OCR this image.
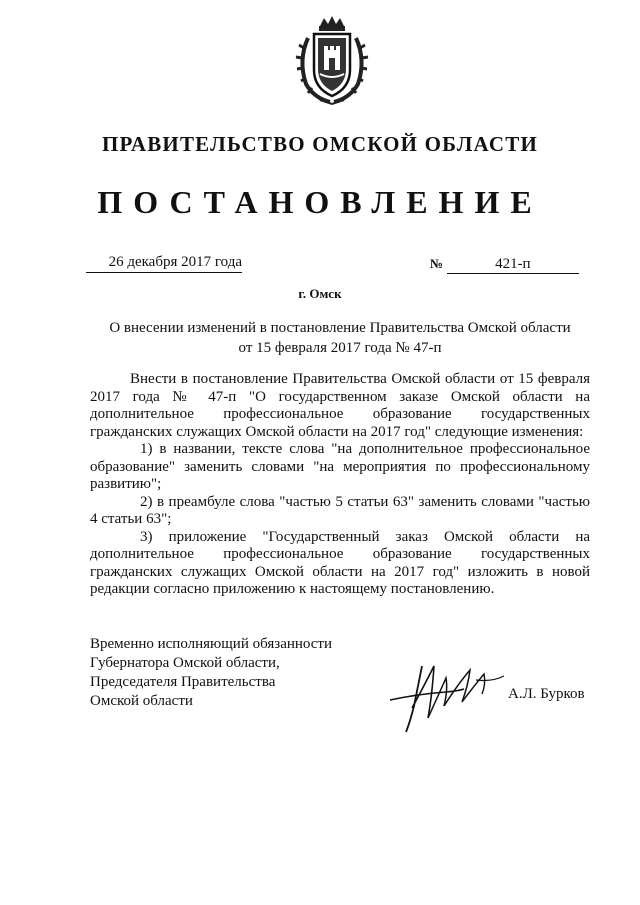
ПРАВИТЕЛЬСТВО ОМСКОЙ ОБЛАСТИ
ПОСТАНОВЛЕНИЕ
26 декабря 2017 года	№	421-п
г. Омск
О внесении изменений в постановление Правительства Омской области
от 15 февраля 2017 года № 47-п

Внести в постановление Правительства Омской области от 15 февраля 2017 года № 47-п "О государственном заказе Омской области на дополнительное профессиональное образование государственных гражданских служащих Омской области на 2017 год" следующие изменения:

1) в названии, тексте слова "на дополнительное профессиональное образование" заменить словами "на мероприятия по профессиональному развитию";

2) в преамбуле слова "частью 5 статьи 63" заменить словами "частью 4 статьи 63";

3) приложение "Государственный заказ Омской области на дополнительное профессиональное образование государственных гражданских служащих Омской области на 2017 год" изложить в новой редакции согласно приложению к настоящему постановлению.

Временно исполняющий обязанности
Губернатора Омской области,
Председателя Правительства
Омской области	А.Л. Бурков
